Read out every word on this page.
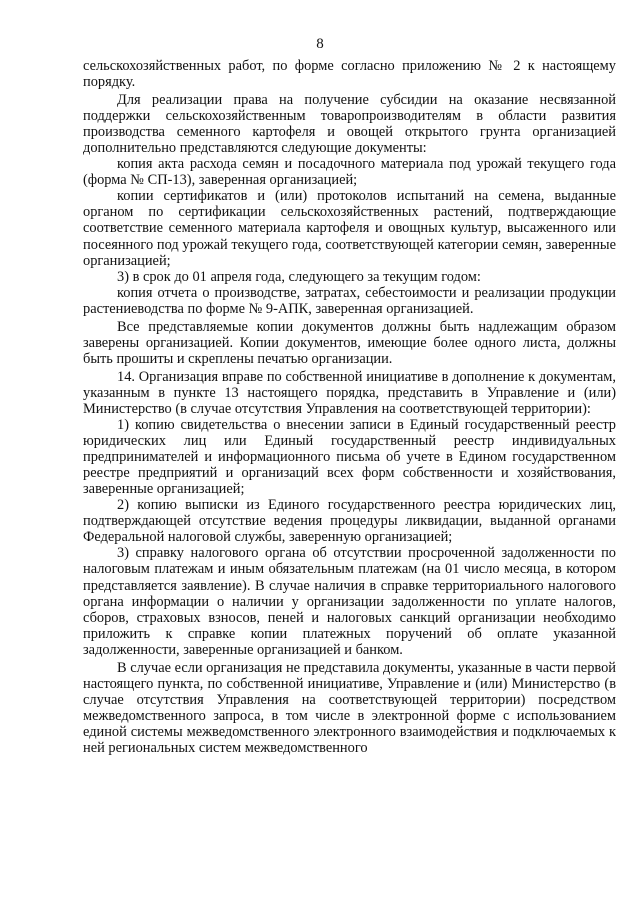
8

сельскохозяйственных работ, по форме согласно приложению № 2 к настоящему порядку.

Для реализации права на получение субсидии на оказание несвязанной поддержки сельскохозяйственным товаропроизводителям в области развития производства семенного картофеля и овощей открытого грунта организацией дополнительно представляются следующие документы:

копия акта расхода семян и посадочного материала под урожай текущего года (форма № СП-13), заверенная организацией;

копии сертификатов и (или) протоколов испытаний на семена, выданные органом по сертификации сельскохозяйственных растений, подтверждающие соответствие семенного материала картофеля и овощных культур, высаженного или посеянного под урожай текущего года, соответствующей категории семян, заверенные организацией;

3) в срок до 01 апреля года, следующего за текущим годом:

копия отчета о производстве, затратах, себестоимости и реализации продукции растениеводства по форме № 9-АПК, заверенная организацией.

Все представляемые копии документов должны быть надлежащим образом заверены организацией. Копии документов, имеющие более одного листа, должны быть прошиты и скреплены печатью организации.

14. Организация вправе по собственной инициативе в дополнение к документам, указанным в пункте 13 настоящего порядка, представить в Управление и (или) Министерство (в случае отсутствия Управления на соответствующей территории):

1) копию свидетельства о внесении записи в Единый государственный реестр юридических лиц или Единый государственный реестр индивидуальных предпринимателей и информационного письма об учете в Едином государственном реестре предприятий и организаций всех форм собственности и хозяйствования, заверенные организацией;

2) копию выписки из Единого государственного реестра юридических лиц, подтверждающей отсутствие ведения процедуры ликвидации, выданной органами Федеральной налоговой службы, заверенную организацией;

3) справку налогового органа об отсутствии просроченной задолженности по налоговым платежам и иным обязательным платежам (на 01 число месяца, в котором представляется заявление). В случае наличия в справке территориального налогового органа информации о наличии у организации задолженности по уплате налогов, сборов, страховых взносов, пеней и налоговых санкций организации необходимо приложить к справке копии платежных поручений об оплате указанной задолженности, заверенные организацией и банком.

В случае если организация не представила документы, указанные в части первой настоящего пункта, по собственной инициативе, Управление и (или) Министерство (в случае отсутствия Управления на соответствующей территории) посредством межведомственного запроса, в том числе в электронной форме с использованием единой системы межведомственного электронного взаимодействия и подключаемых к ней региональных систем межведомственного
